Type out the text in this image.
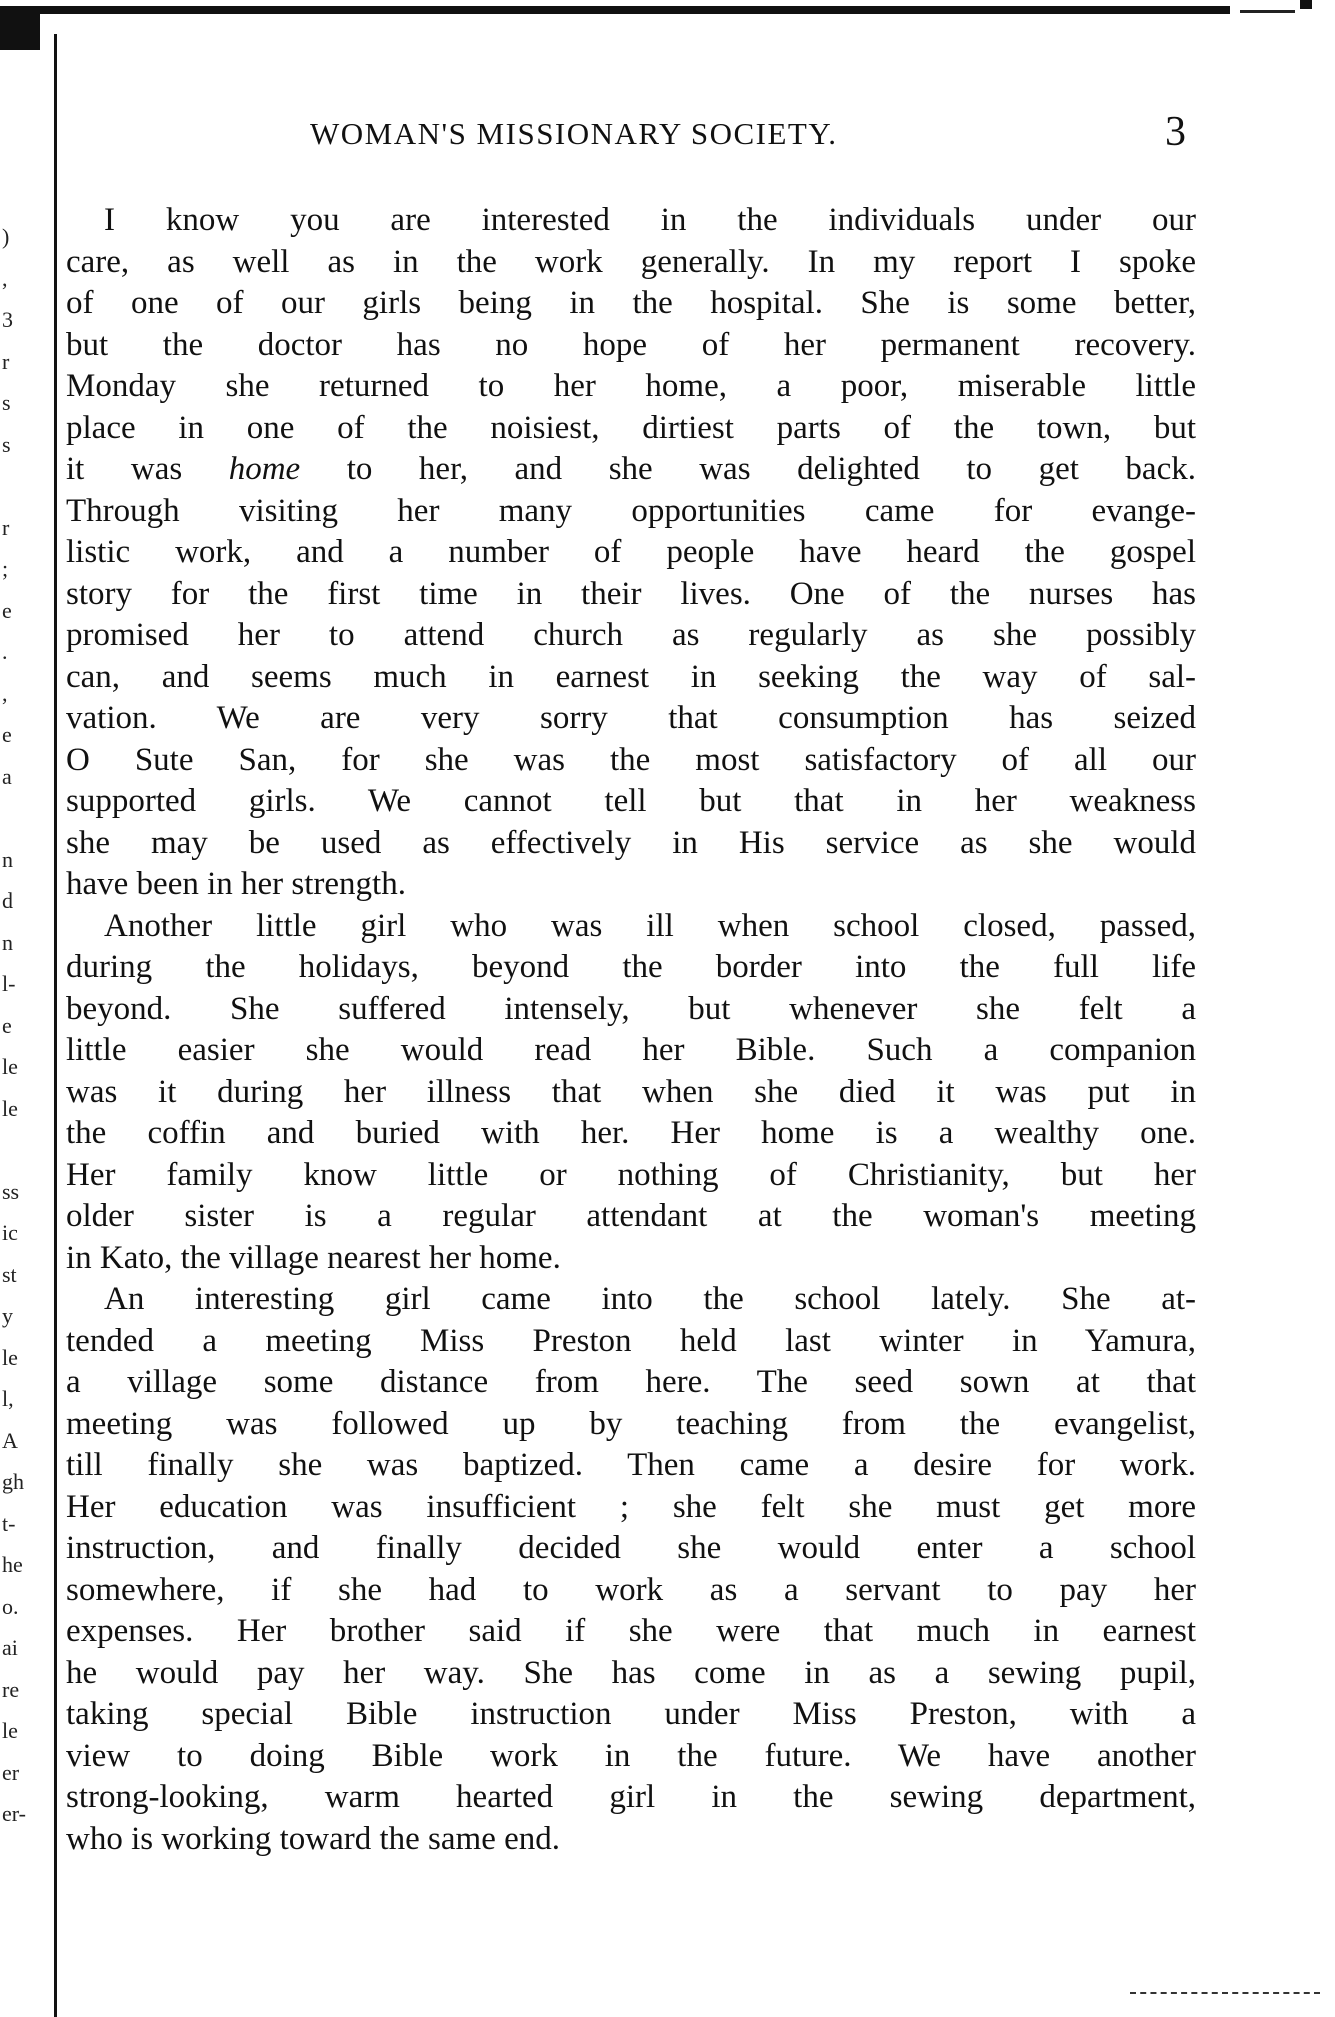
)
,
3
r
s
s
r
;
e
.
,
e
a
n
d
n
l-
e
le
le
ss
ic
st
y
le
l,
A
gh
t-
he
o.
ai
re
le
er
er-
WOMAN'S MISSIONARY SOCIETY.	3
I know you are interested in the individuals under our
care, as well as in the work generally. In my report I spoke
of one of our girls being in the hospital. She is some better,
but the doctor has no hope of her permanent recovery.
Monday she returned to her home, a poor, miserable little
place in one of the noisiest, dirtiest parts of the town, but
it was home to her, and she was delighted to get back.
Through visiting her many opportunities came for evange-
listic work, and a number of people have heard the gospel
story for the first time in their lives. One of the nurses has
promised her to attend church as regularly as she possibly
can, and seems much in earnest in seeking the way of sal-
vation. We are very sorry that consumption has seized
O Sute San, for she was the most satisfactory of all our
supported girls. We cannot tell but that in her weakness
she may be used as effectively in His service as she would
have been in her strength.
Another little girl who was ill when school closed, passed,
during the holidays, beyond the border into the full life
beyond. She suffered intensely, but whenever she felt a
little easier she would read her Bible. Such a companion
was it during her illness that when she died it was put in
the coffin and buried with her. Her home is a wealthy one.
Her family know little or nothing of Christianity, but her
older sister is a regular attendant at the woman's meeting
in Kato, the village nearest her home.
An interesting girl came into the school lately. She at-
tended a meeting Miss Preston held last winter in Yamura,
a village some distance from here. The seed sown at that
meeting was followed up by teaching from the evangelist,
till finally she was baptized. Then came a desire for work.
Her education was insufficient ; she felt she must get more
instruction, and finally decided she would enter a school
somewhere, if she had to work as a servant to pay her
expenses. Her brother said if she were that much in earnest
he would pay her way. She has come in as a sewing pupil,
taking special Bible instruction under Miss Preston, with a
view to doing Bible work in the future. We have another
strong-looking, warm hearted girl in the sewing department,
who is working toward the same end.
